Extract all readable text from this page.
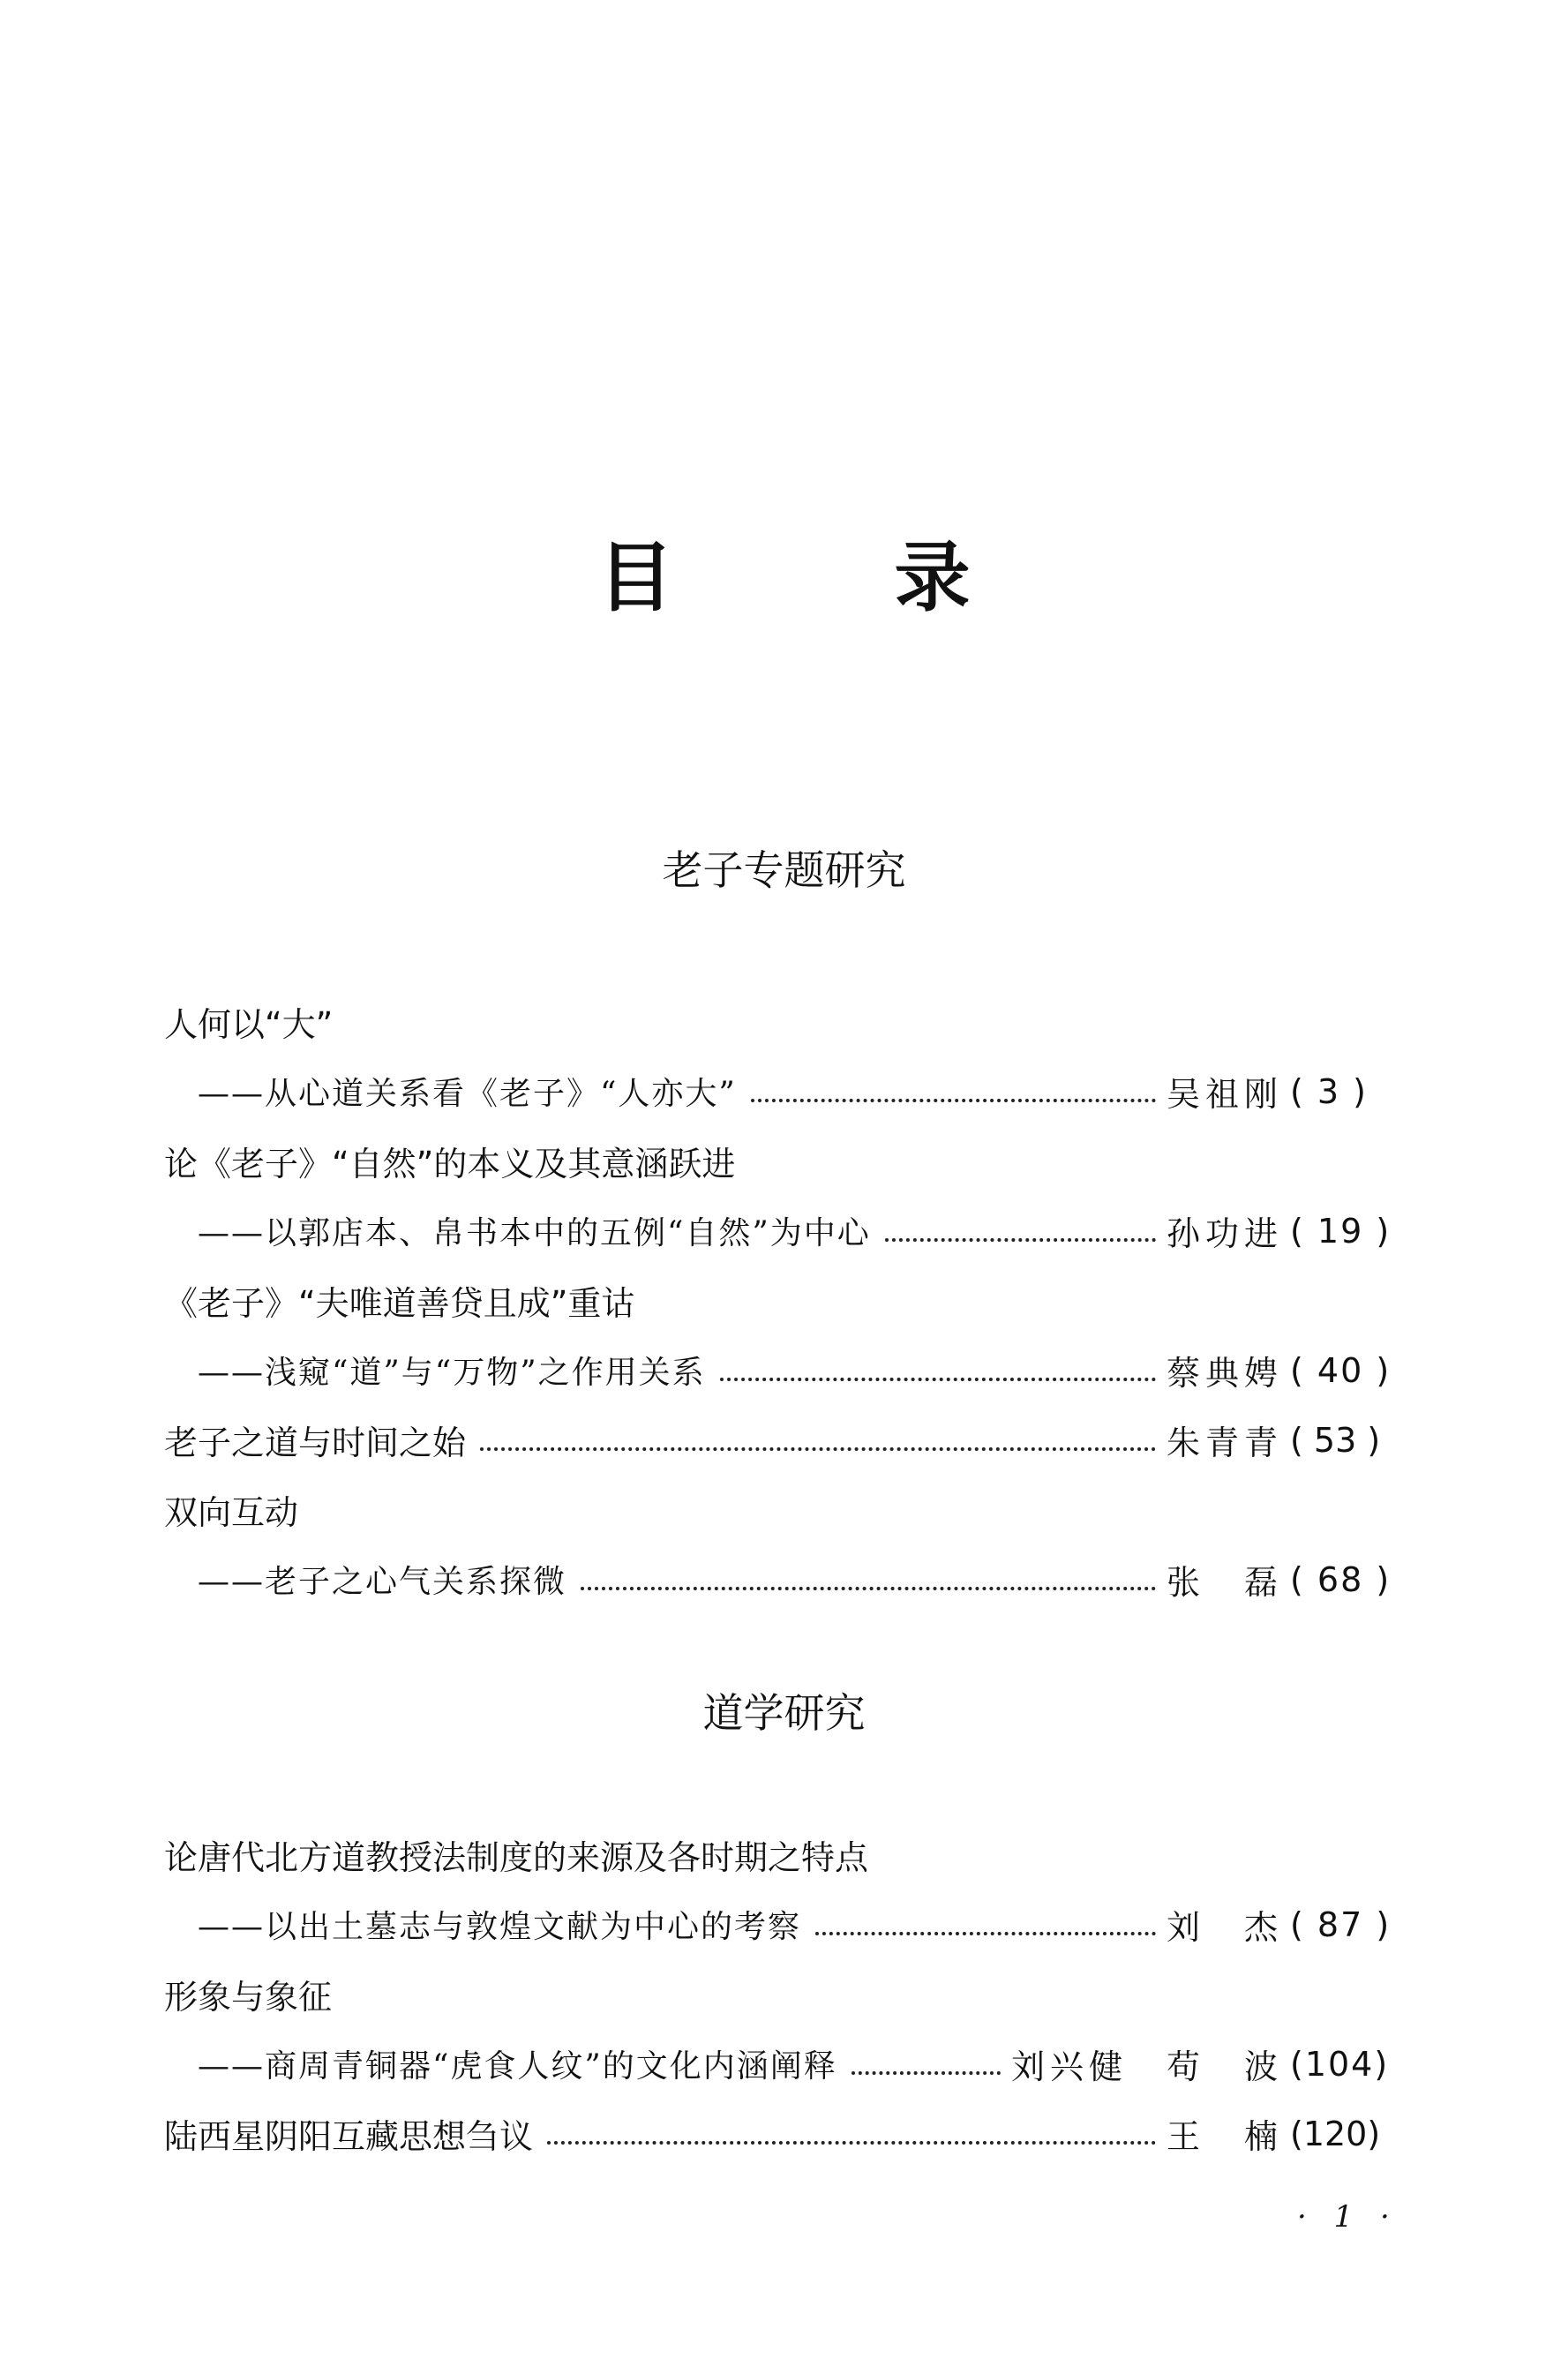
目 录
老子专题研究
人何以“大”
——从心道关系看《老子》“人亦大”	吴祖刚 ( 3 )
论《老子》“自然”的本义及其意涵跃进
——以郭店本、帛书本中的五例“自然”为中心	孙功进 ( 19 )
《老子》“夫唯道善贷且成”重诂
——浅窥“道”与“万物”之作用关系	蔡典娉 ( 40 )
老子之道与时间之始	朱青青 ( 53 )
双向互动
——老子之心气关系探微	张　磊 ( 68 )
道学研究
论唐代北方道教授法制度的来源及各时期之特点
——以出土墓志与敦煌文献为中心的考察	刘　杰 ( 87 )
形象与象征
——商周青铜器“虎食人纹”的文化内涵阐释	刘兴健　苟　波 (104)
陆西星阴阳互藏思想刍议	王　楠 (120)
· 1 ·
